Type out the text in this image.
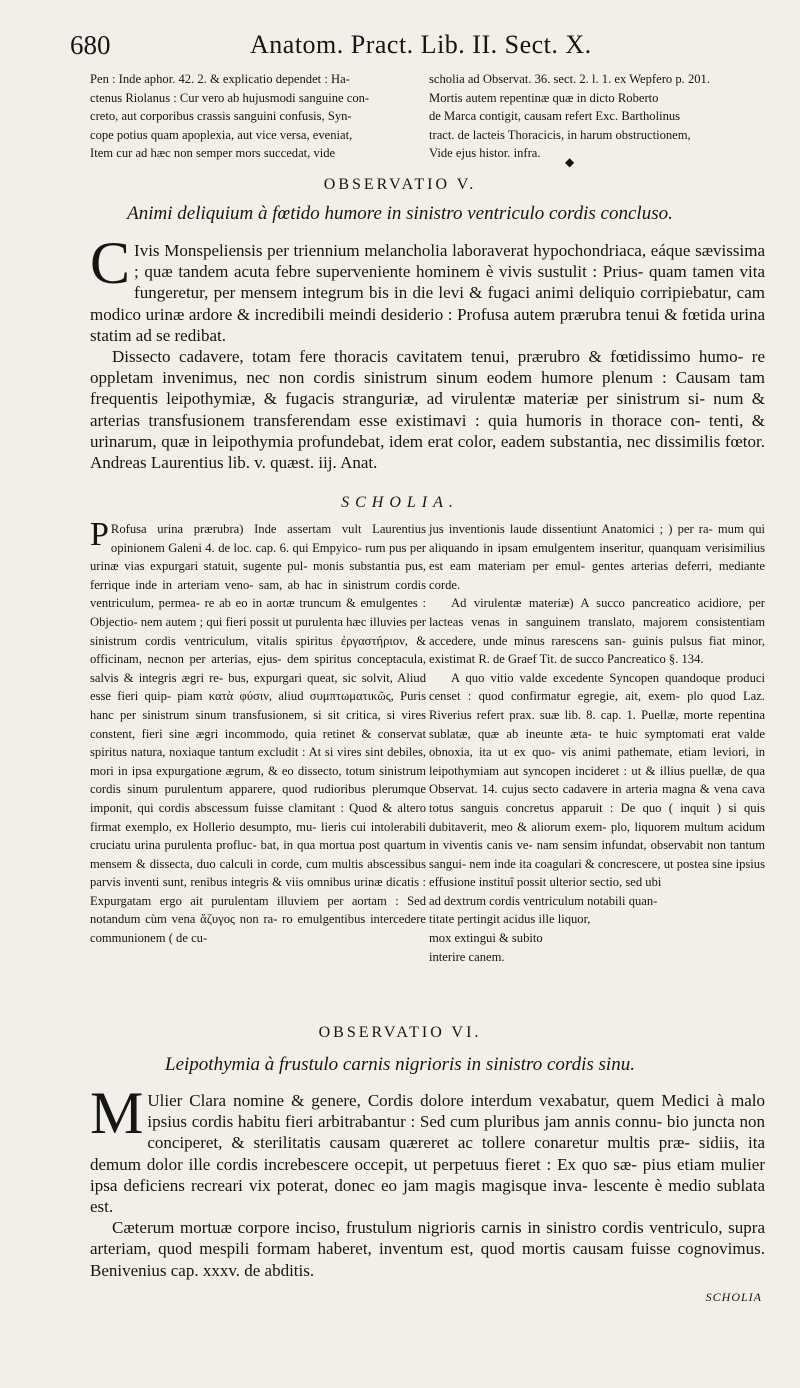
680	Anatom. Pract. Lib. II. Sect. X.

Pen : Inde aphor. 42. 2. & explicatio dependet : Ha-

ctenus Riolanus : Cur vero ab hujusmodi sanguine con-

creto, aut corporibus crassis sanguini confusis, Syn-

cope potius quam apoplexia, aut vice versa, eveniat,

Item cur ad hæc non semper mors succedat, vide

scholia ad Observat. 36. sect. 2. l. 1. ex Wepfero p. 201.

Mortis autem repentinæ quæ in dicto Roberto

de Marca contigit, causam refert Exc. Bartholinus

tract. de lacteis Thoracicis, in harum obstructionem,

Vide ejus histor. infra.

◆
OBSERVATIO V.
Animi deliquium à fœtido humore in sinistro ventriculo cordis concluso.

C Ivis Monspeliensis per triennium melancholia laboraverat hypochondriaca, eáque sævissima ; quæ tandem acuta febre superveniente hominem è vivis sustulit : Prius- quam tamen vita fungeretur, per mensem integrum bis in die levi & fugaci animi deliquio corripiebatur, cam modico urinæ ardore & incredibili meindi desiderio : Profusa autem prærubra tenui & fœtida urina statim ad se redibat.

Dissecto cadavere, totam fere thoracis cavitatem tenui, prærubro & fœtidissimo humo- re oppletam invenimus, nec non cordis sinistrum sinum eodem humore plenum : Causam tam frequentis leipothymiæ, & fugacis stranguriæ, ad virulentæ materiæ per sinistrum si- num & arterias transfusionem transferendam esse existimavi : quia humoris in thorace con- tenti, & urinarum, quæ in leipothymia profundebat, idem erat color, eadem substantia, nec dissimilis fœtor. Andreas Laurentius lib. v. quæst. iij. Anat.

SCHOLIA.

P Rofusa urina prærubra) Inde assertam vult Laurentius opinionem Galeni 4. de loc. cap. 6. qui Empyico- rum pus per urinæ vias expurgari statuit, sugente pul- monis substantia pus, ferrique inde in arteriam veno- sam, ab hac in sinistrum cordis ventriculum, permea- re ab eo in aortæ truncum & emulgentes : Objectio- nem autem ; qui fieri possit ut purulenta hæc illuvies per sinistrum cordis ventriculum, vitalis spiritus ἐργαστήριον, & officinam, necnon per arterias, ejus- dem spiritus conceptacula, salvis & integris ægri re- bus, expurgari queat, sic solvit, Aliud esse fieri quip- piam κατὰ φύσιν, aliud συμπτωματικῶς, Puris hanc per sinistrum sinum transfusionem, si sit critica, si vires constent, fieri sine ægri incommodo, quia retinet & conservat spiritus natura, noxiaque tantum excludit : At si vires sint debiles, mori in ipsa expurgatione ægrum, & eo dissecto, totum sinistrum cordis sinum purulentum apparere, quod rudioribus plerumque imponit, qui cordis abscessum fuisse clamitant : Quod & altero firmat exemplo, ex Hollerio desumpto, mu- lieris cui intolerabili cruciatu urina purulenta profluc- bat, in qua mortua post quartum mensem & dissecta, duo calculi in corde, cum multis abscessibus parvis inventi sunt, renibus integris & viis omnibus urinæ dicatis : Expurgatam ergo ait purulentam illuviem per aortam : Sed notandum cùm vena ἄζυγος non ra- ro emulgentibus intercedere communionem ( de cu-

jus inventionis laude dissentiunt Anatomici ; ) per ra- mum qui aliquando in ipsam emulgentem inseritur, quanquam verisimilius est eam materiam per emul- gentes arterias deferri, mediante corde.

Ad virulentæ materiæ) A succo pancreatico acidiore, per lacteas venas in sanguinem translato, majorem consistentiam accedere, unde minus rarescens san- guinis pulsus fiat minor, existimat R. de Graef Tit. de succo Pancreatico §. 134.

A quo vitio valde excedente Syncopen quandoque produci censet : quod confirmatur egregie, ait, exem- plo quod Laz. Riverius refert prax. suæ lib. 8. cap. 1. Puellæ, morte repentina sublatæ, quæ ab ineunte æta- te huic symptomati erat valde obnoxia, ita ut ex quo- vis animi pathemate, etiam leviori, in leipothymiam aut syncopen incideret : ut & illius puellæ, de qua Observat. 14. cujus secto cadavere in arteria magna & vena cava totus sanguis concretus apparuit : De quo ( inquit ) si quis dubitaverit, meo & aliorum exem- plo, liquorem multum acidum in viventis canis ve- nam sensim infundat, observabit non tantum sangui- nem inde ita coagulari & concrescere, ut postea sine ipsius effusione instituî possit ulterior sectio, sed ubi

ad dextrum cordis ventriculum notabili quan-

titate pertingit acidus ille liquor,

mox extingui & subito

interire canem.

OBSERVATIO VI.
Leipothymia à frustulo carnis nigrioris in sinistro cordis sinu.

M Ulier Clara nomine & genere, Cordis dolore interdum vexabatur, quem Medici à malo ipsius cordis habitu fieri arbitrabantur : Sed cum pluribus jam annis connu- bio juncta non conciperet, & sterilitatis causam quæreret ac tollere conaretur multis præ- sidiis, ita demum dolor ille cordis increbescere occepit, ut perpetuus fieret : Ex quo sæ- pius etiam mulier ipsa deficiens recreari vix poterat, donec eo jam magis magisque inva- lescente è medio sublata est.

Cæterum mortuæ corpore inciso, frustulum nigrioris carnis in sinistro cordis ventriculo, supra arteriam, quod mespili formam haberet, inventum est, quod mortis causam fuisse cognovimus. Benivenius cap. xxxv. de abditis.

SCHOLIA
